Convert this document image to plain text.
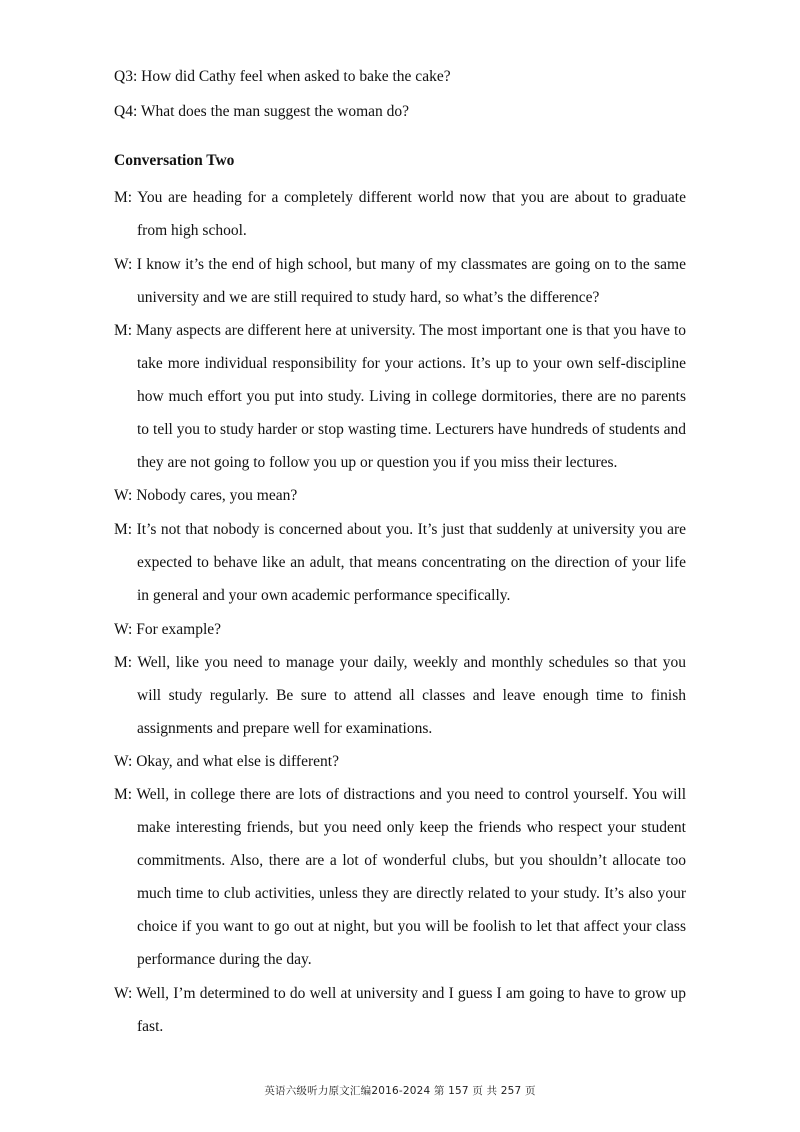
Q3: How did Cathy feel when asked to bake the cake?
Q4: What does the man suggest the woman do?
Conversation Two
M: You are heading for a completely different world now that you are about to graduate from high school.
W: I know it’s the end of high school, but many of my classmates are going on to the same university and we are still required to study hard, so what’s the difference?
M: Many aspects are different here at university. The most important one is that you have to take more individual responsibility for your actions. It’s up to your own self-discipline how much effort you put into study. Living in college dormitories, there are no parents to tell you to study harder or stop wasting time. Lecturers have hundreds of students and they are not going to follow you up or question you if you miss their lectures.
W: Nobody cares, you mean?
M: It’s not that nobody is concerned about you. It’s just that suddenly at university you are expected to behave like an adult, that means concentrating on the direction of your life in general and your own academic performance specifically.
W: For example?
M: Well, like you need to manage your daily, weekly and monthly schedules so that you will study regularly. Be sure to attend all classes and leave enough time to finish assignments and prepare well for examinations.
W: Okay, and what else is different?
M: Well, in college there are lots of distractions and you need to control yourself. You will make interesting friends, but you need only keep the friends who respect your student commitments. Also, there are a lot of wonderful clubs, but you shouldn’t allocate too much time to club activities, unless they are directly related to your study. It’s also your choice if you want to go out at night, but you will be foolish to let that affect your class performance during the day.
W: Well, I’m determined to do well at university and I guess I am going to have to grow up fast.
英语六级听力原文汇编2016-2024 第 157 页 共 257 页
